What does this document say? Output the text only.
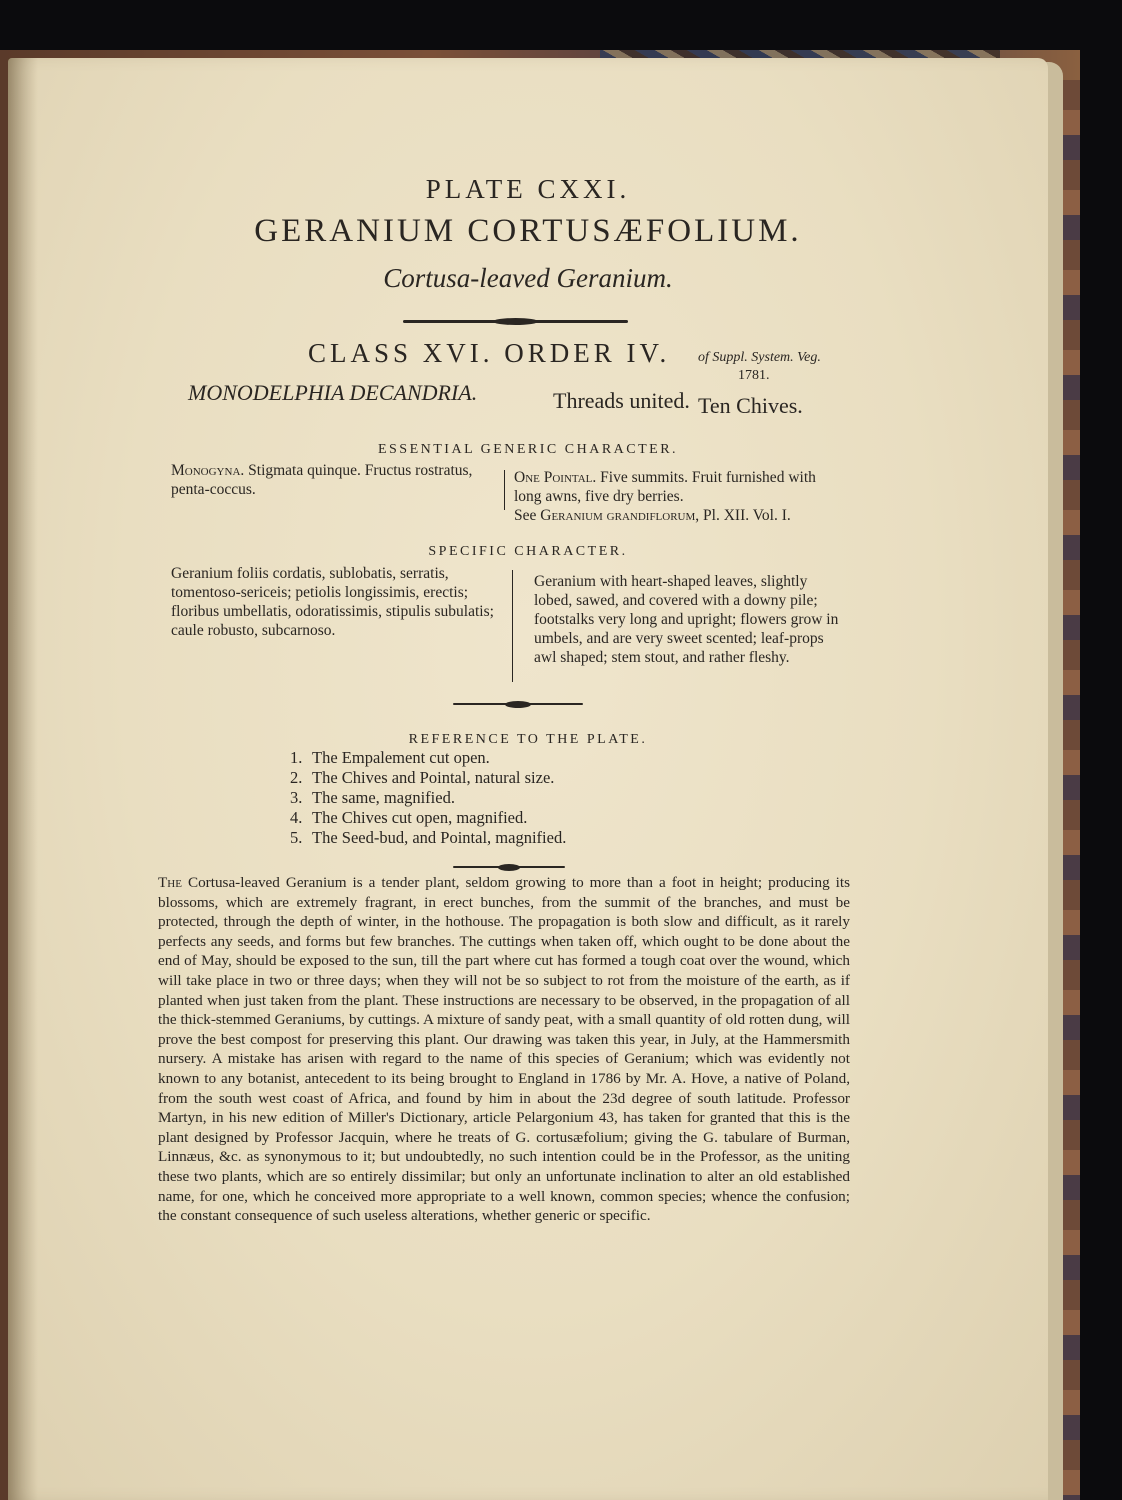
PLATE CXXI.
GERANIUM CORTUSÆFOLIUM.
Cortusa-leaved Geranium.
CLASS XVI. ORDER IV. of Suppl. System. Veg.
1781.
MONODELPHIA DECANDRIA.	Threads united. Ten Chives.
ESSENTIAL GENERIC CHARACTER.
Monogyna. Stigmata quinque. Fructus rostratus, penta-coccus.
One Pointal. Five summits. Fruit furnished with long awns, five dry berries.
See Geranium grandiflorum, Pl. XII. Vol. I.
SPECIFIC CHARACTER.
Geranium foliis cordatis, sublobatis, serratis, tomentoso-sericeis; petiolis longissimis, erectis; floribus umbellatis, odoratissimis, stipulis subulatis; caule robusto, subcarnoso.
Geranium with heart-shaped leaves, slightly lobed, sawed, and covered with a downy pile; footstalks very long and upright; flowers grow in umbels, and are very sweet scented; leaf-props awl shaped; stem stout, and rather fleshy.
REFERENCE TO THE PLATE.
1. The Empalement cut open.
2. The Chives and Pointal, natural size.
3. The same, magnified.
4. The Chives cut open, magnified.
5. The Seed-bud, and Pointal, magnified.
The Cortusa-leaved Geranium is a tender plant, seldom growing to more than a foot in height; producing its blossoms, which are extremely fragrant, in erect bunches, from the summit of the branches, and must be protected, through the depth of winter, in the hothouse. The propagation is both slow and difficult, as it rarely perfects any seeds, and forms but few branches. The cuttings when taken off, which ought to be done about the end of May, should be exposed to the sun, till the part where cut has formed a tough coat over the wound, which will take place in two or three days; when they will not be so subject to rot from the moisture of the earth, as if planted when just taken from the plant. These instructions are necessary to be observed, in the propagation of all the thick-stemmed Geraniums, by cuttings. A mixture of sandy peat, with a small quantity of old rotten dung, will prove the best compost for preserving this plant. Our drawing was taken this year, in July, at the Hammersmith nursery. A mistake has arisen with regard to the name of this species of Geranium; which was evidently not known to any botanist, antecedent to its being brought to England in 1786 by Mr. A. Hove, a native of Poland, from the south west coast of Africa, and found by him in about the 23d degree of south latitude. Professor Martyn, in his new edition of Miller's Dictionary, article Pelargonium 43, has taken for granted that this is the plant designed by Professor Jacquin, where he treats of G. cortusæfolium; giving the G. tabulare of Burman, Linnæus, &c. as synonymous to it; but undoubtedly, no such intention could be in the Professor, as the uniting these two plants, which are so entirely dissimilar; but only an unfortunate inclination to alter an old established name, for one, which he conceived more appropriate to a well known, common species; whence the confusion; the constant consequence of such useless alterations, whether generic or specific.
